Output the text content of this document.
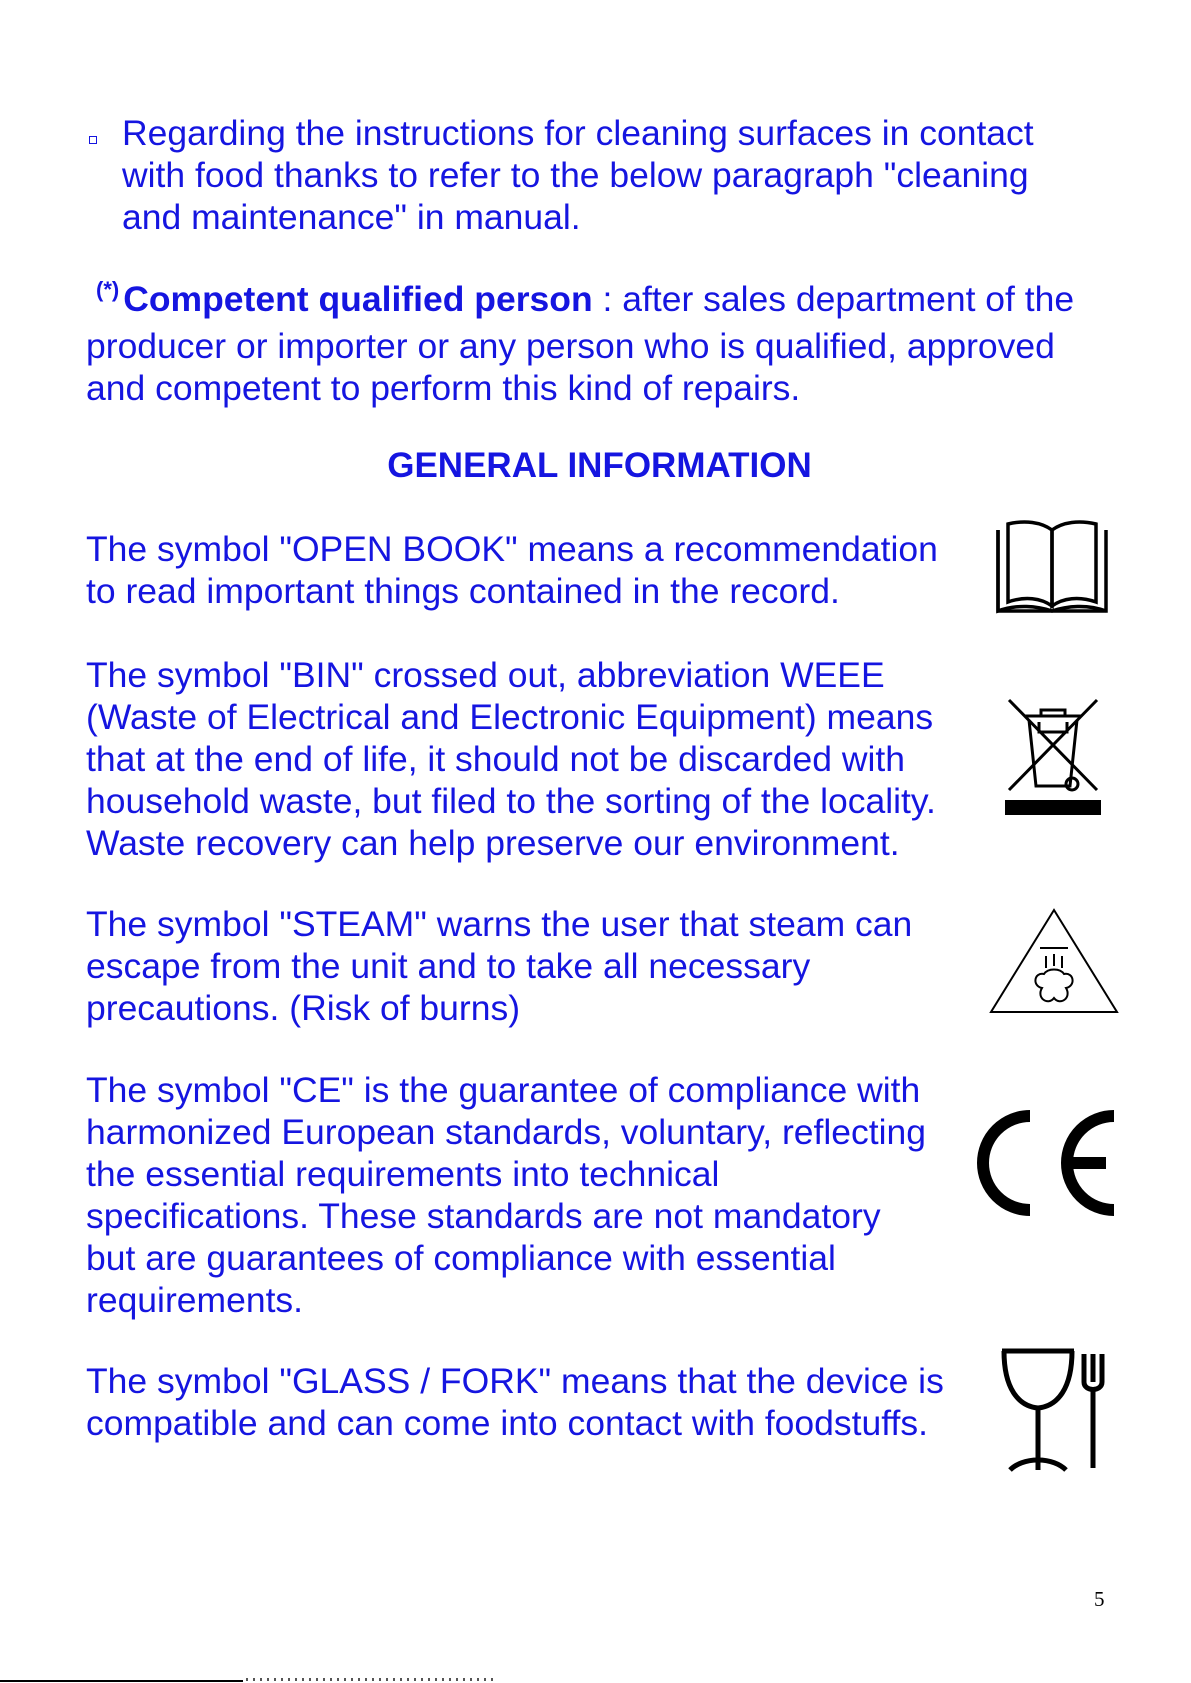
Regarding the instructions for cleaning surfaces in contact
with food thanks to refer to the below paragraph "cleaning
and maintenance" in manual.
(*) Competent qualified person : after sales department of the
producer or importer or any person who is qualified, approved
and competent to perform this kind of repairs.
GENERAL INFORMATION
The symbol "OPEN BOOK" means a recommendation
to read important things contained in the record.
The symbol "BIN" crossed out, abbreviation WEEE
(Waste of Electrical and Electronic Equipment) means
that at the end of life, it should not be discarded with
household waste, but filed to the sorting of the locality.
Waste recovery can help preserve our environment.
The symbol "STEAM" warns the user that steam can
escape from the unit and to take all necessary
precautions. (Risk of burns)
The symbol "CE" is the guarantee of compliance with
harmonized European standards, voluntary, reflecting
the essential requirements into technical
specifications. These standards are not mandatory
but are guarantees of compliance with essential
requirements.
The symbol "GLASS / FORK" means that the device is
compatible and can come into contact with foodstuffs.
5
